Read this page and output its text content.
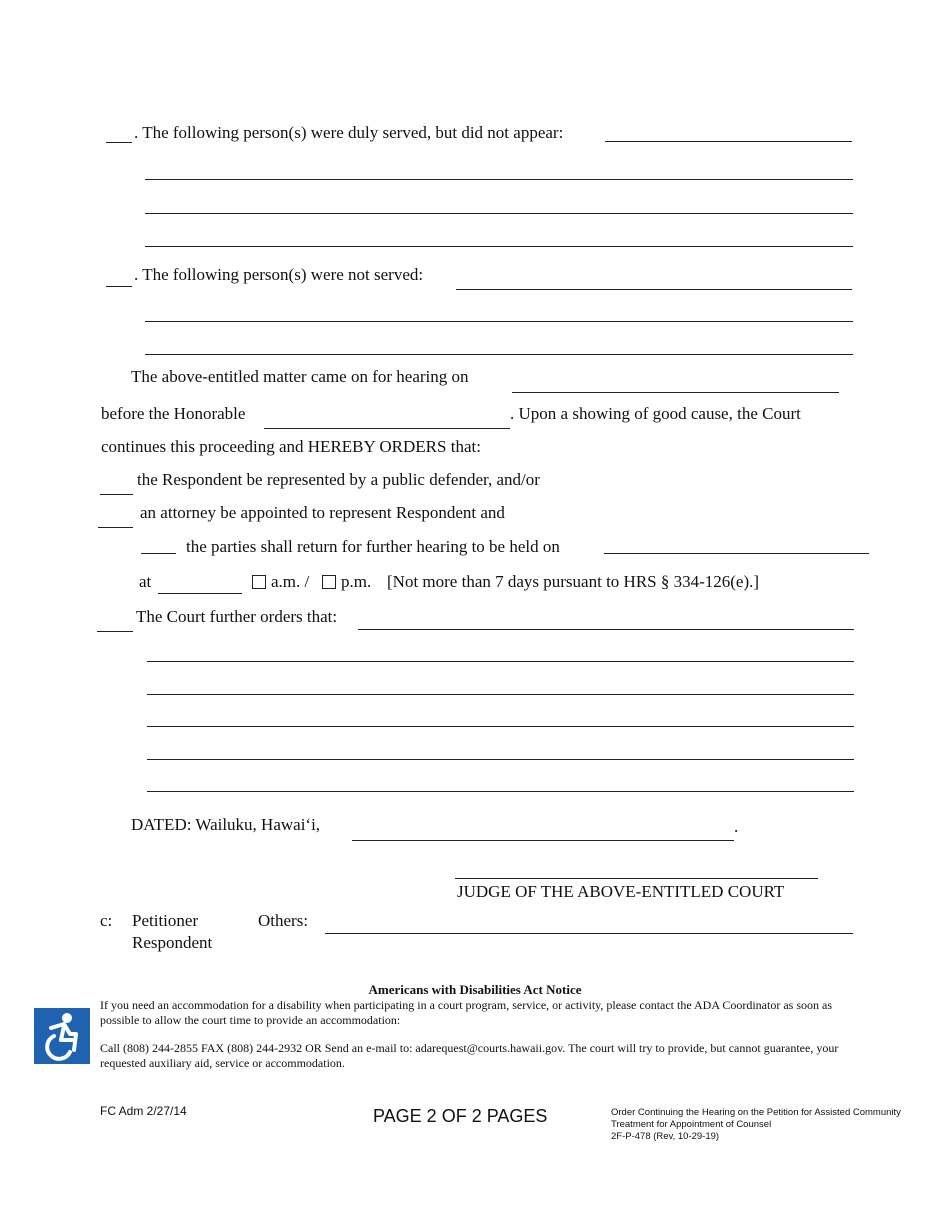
. The following person(s) were duly served, but did not appear:
. The following person(s) were not served:
The above-entitled matter came on for hearing on
before the Honorable	. Upon a showing of good cause, the Court
continues this proceeding and HEREBY ORDERS that:
the Respondent be represented by a public defender, and/or
an attorney be appointed to represent Respondent and
the parties shall return for further hearing to be held on
at	a.m. / p.m. [Not more than 7 days pursuant to HRS § 334-126(e).]
The Court further orders that:
DATED: Wailuku, Hawai‘i,	.
JUDGE OF THE ABOVE-ENTITLED COURT
c: Petitioner
Respondent
Others:
Americans with Disabilities Act Notice
If you need an accommodation for a disability when participating in a court program, service, or activity, please contact the ADA Coordinator as soon as possible to allow the court time to provide an accommodation:
Call (808) 244-2855 FAX (808) 244-2932 OR Send an e-mail to: adarequest@courts.hawaii.gov. The court will try to provide, but cannot guarantee, your requested auxiliary aid, service or accommodation.
FC Adm 2/27/14	PAGE 2 OF 2 PAGES	Order Continuing the Hearing on the Petition for Assisted Community
Treatment for Appointment of Counsel
2F-P-478 (Rev, 10-29-19)
